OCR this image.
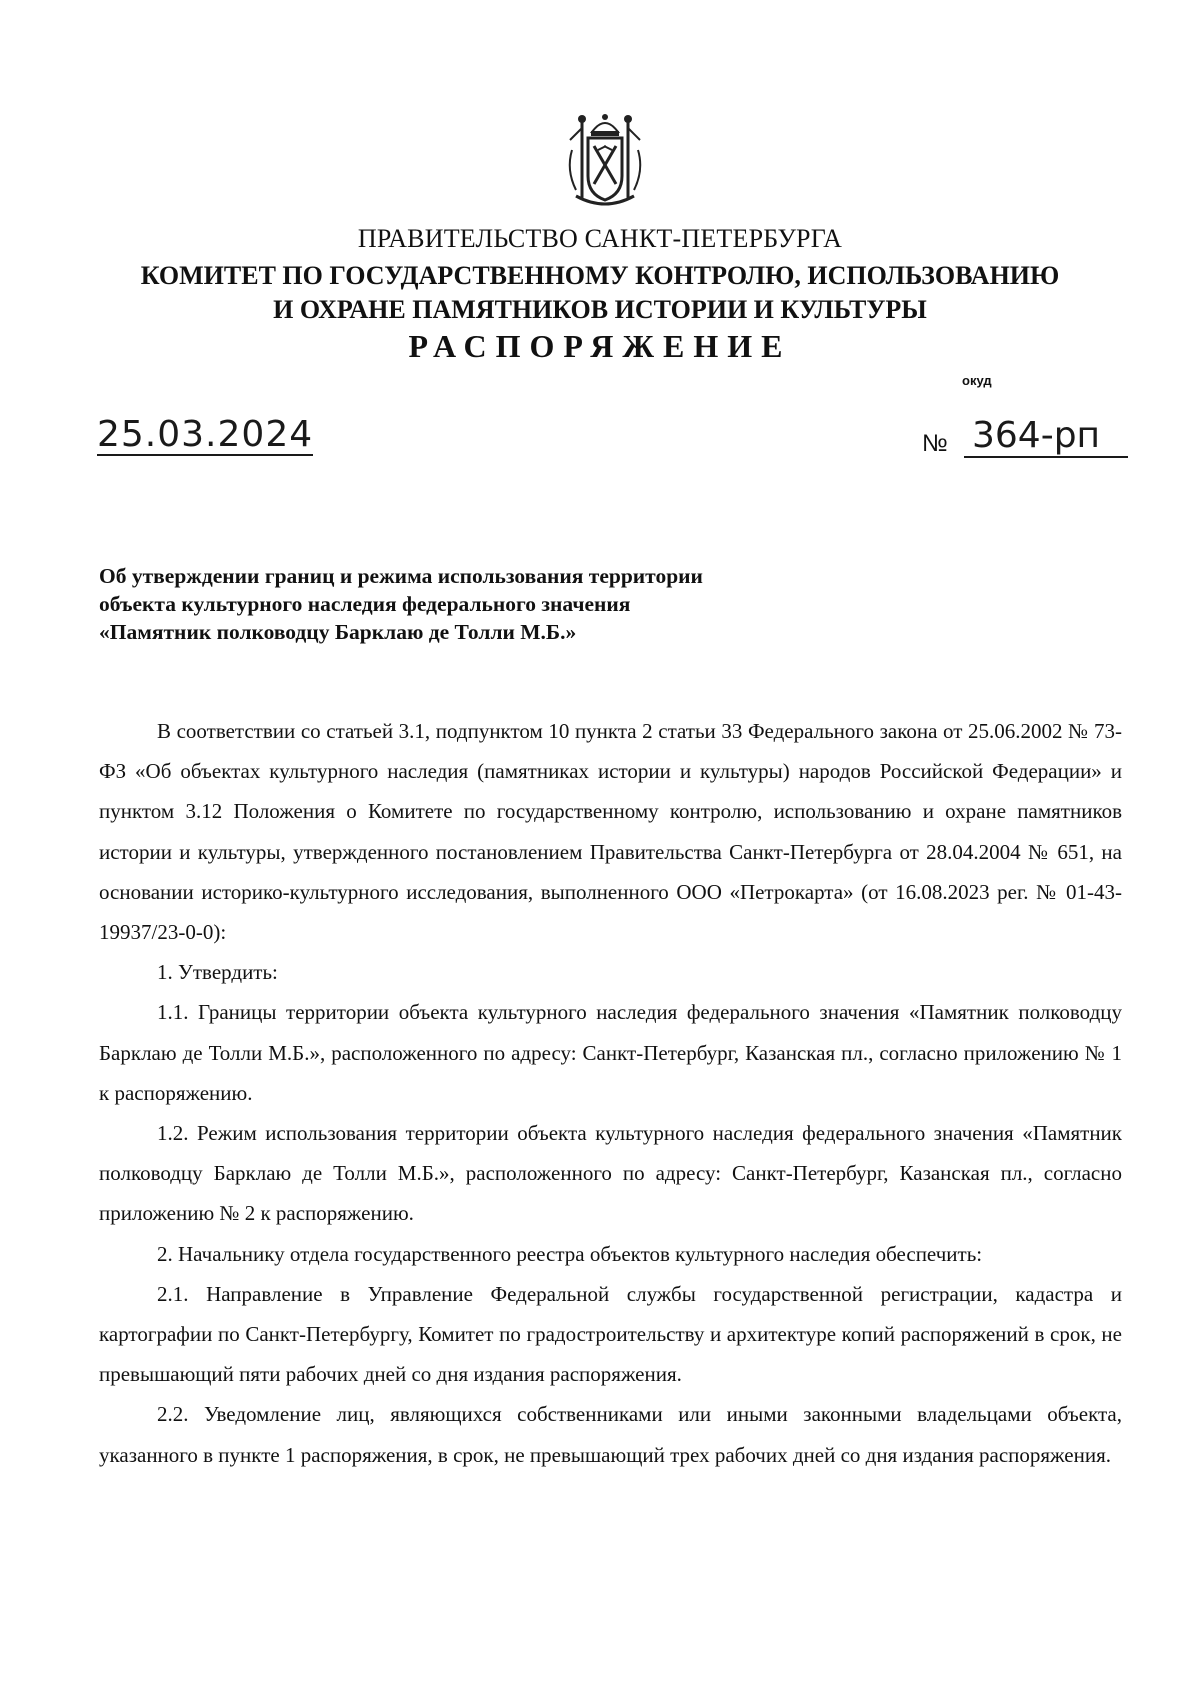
ПРАВИТЕЛЬСТВО САНКТ-ПЕТЕРБУРГА
КОМИТЕТ ПО ГОСУДАРСТВЕННОМУ КОНТРОЛЮ, ИСПОЛЬЗОВАНИЮ
И ОХРАНЕ ПАМЯТНИКОВ ИСТОРИИ И КУЛЬТУРЫ
РАСПОРЯЖЕНИЕ
окуд
25.03.2024	№ 364-рп
Об утверждении границ и режима использования территории
объекта культурного наследия федерального значения
«Памятник полководцу Барклаю де Толли М.Б.»

В соответствии со статьей 3.1, подпунктом 10 пункта 2 статьи 33 Федерального закона от 25.06.2002 № 73-ФЗ «Об объектах культурного наследия (памятниках истории и культуры) народов Российской Федерации» и пунктом 3.12 Положения о Комитете по государственному контролю, использованию и охране памятников истории и культуры, утвержденного постановлением Правительства Санкт-Петербурга от 28.04.2004 № 651, на основании историко-культурного исследования, выполненного ООО «Петрокарта» (от 16.08.2023 рег. № 01-43-19937/23-0-0):

1. Утвердить:

1.1. Границы территории объекта культурного наследия федерального значения «Памятник полководцу Барклаю де Толли М.Б.», расположенного по адресу: Санкт-Петербург, Казанская пл., согласно приложению № 1 к распоряжению.

1.2. Режим использования территории объекта культурного наследия федерального значения «Памятник полководцу Барклаю де Толли М.Б.», расположенного по адресу: Санкт-Петербург, Казанская пл., согласно приложению № 2 к распоряжению.

2. Начальнику отдела государственного реестра объектов культурного наследия обеспечить:

2.1. Направление в Управление Федеральной службы государственной регистрации, кадастра и картографии по Санкт-Петербургу, Комитет по градостроительству и архитектуре копий распоряжений в срок, не превышающий пяти рабочих дней со дня издания распоряжения.

2.2. Уведомление лиц, являющихся собственниками или иными законными владельцами объекта, указанного в пункте 1 распоряжения, в срок, не превышающий трех рабочих дней со дня издания распоряжения.
